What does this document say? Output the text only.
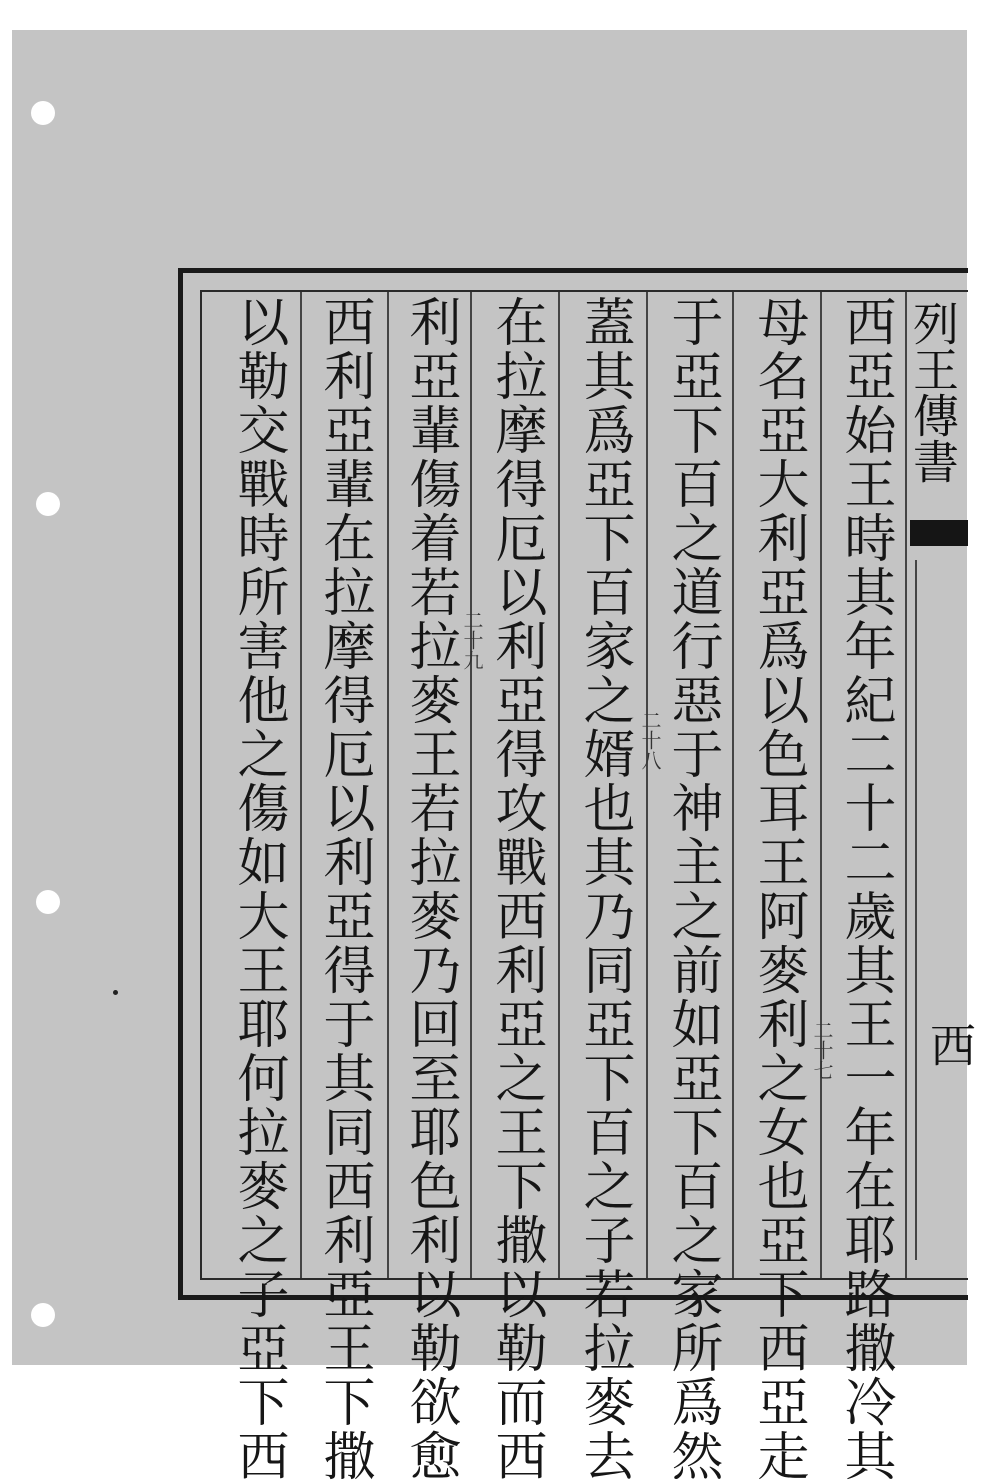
列王傳書
西
西亞始王時其年紀二十二歲其王一年在耶路撒冷其
母名亞大利亞爲以色耳王阿麥利之女也亞下西亞走
于亞下百之道行惡于神主之前如亞下百之家所爲然
蓋其爲亞下百家之婿也其乃同亞下百之子若拉麥去
在拉摩得厄以利亞得攻戰西利亞之王下撒以勒而西
利亞輩傷着若拉麥王若拉麥乃回至耶色利以勒欲愈
西利亞輩在拉摩得厄以利亞得于其同西利亞王下撒
以勒交戰時所害他之傷如大王耶何拉麥之子亞下西	二十七
二十八
二十九
